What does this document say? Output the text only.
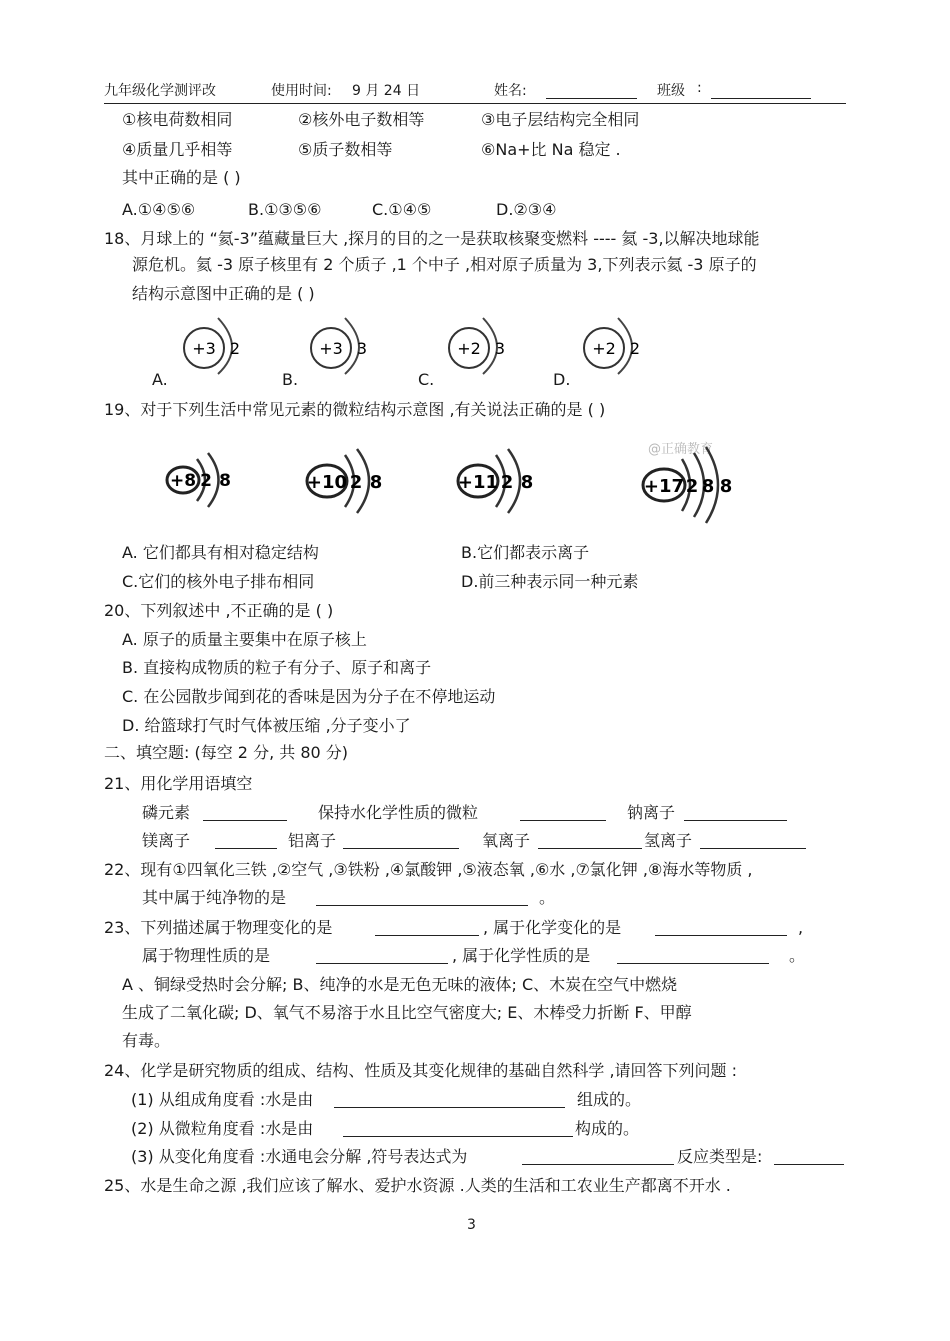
九年级化学测评改	使用时间: 9 月 24 日	姓名:	班级 :
①核电荷数相同	②核外电子数相等	③电子层结构完全相同
④质量几乎相等	⑤质子数相等	⑥Na+比 Na 稳定 .
其中正确的是 ( )
A.①④⑤⑥	B.①③⑤⑥	C.①④⑤	D.②③④
18、月球上的 “氦-3”蕴藏量巨大 ,探月的目的之一是获取核聚变燃料 ---- 氦 -3,以解决地球能
源危机。氦 -3 原子核里有 2 个质子 ,1 个中子 ,相对原子质量为 3,下列表示氦 -3 原子的
结构示意图中正确的是 ( )
+3 2	+3 3	+2 3	+2 2
A.	B.	C.	D.
19、对于下列生活中常见元素的微粒结构示意图 ,有关说法正确的是 ( )
+8 2 8	+10 2 8	+11 2 8
@正确教育
+17 2 8 8
A. 它们都具有相对稳定结构	B.它们都表示离子
C.它们的核外电子排布相同	D.前三种表示同一种元素
20、下列叙述中 ,不正确的是 ( )
A. 原子的质量主要集中在原子核上
B. 直接构成物质的粒子有分子、原子和离子
C. 在公园散步闻到花的香味是因为分子在不停地运动
D. 给篮球打气时气体被压缩 ,分子变小了
二、填空题: (每空 2 分, 共 80 分)
21、用化学用语填空
磷元素	保持水化学性质的微粒	钠离子
镁离子	铝离子	氧离子	氢离子
22、现有①四氧化三铁 ,②空气 ,③铁粉 ,④氯酸钾 ,⑤液态氧 ,⑥水 ,⑦氯化钾 ,⑧海水等物质 ,
其中属于纯净物的是	。
23、下列描述属于物理变化的是	, 属于化学变化的是	,
属于物理性质的是	, 属于化学性质的是	。
A 、铜绿受热时会分解; B、纯净的水是无色无味的液体; C、木炭在空气中燃烧
生成了二氧化碳; D、氧气不易溶于水且比空气密度大; E、木棒受力折断 F、甲醇
有毒。
24、化学是研究物质的组成、结构、性质及其变化规律的基础自然科学 ,请回答下列问题 :
(1) 从组成角度看 :水是由	组成的。
(2) 从微粒角度看 :水是由	构成的。
(3) 从变化角度看 :水通电会分解 ,符号表达式为	反应类型是:
25、水是生命之源 ,我们应该了解水、爱护水资源 .人类的生活和工农业生产都离不开水 .
3
